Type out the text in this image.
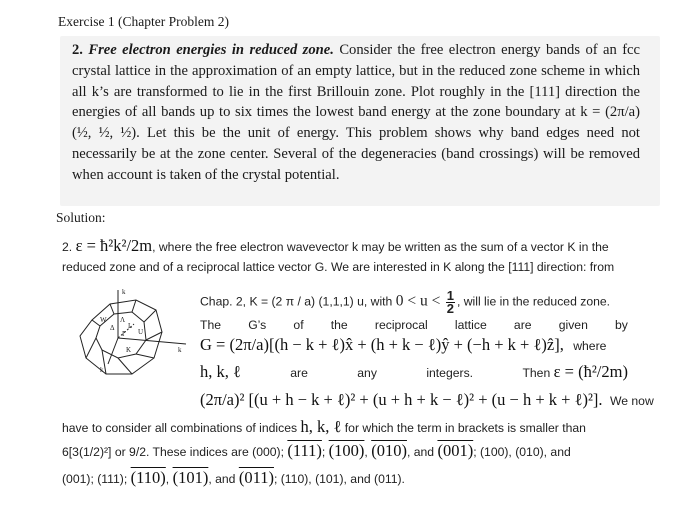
Exercise 1 (Chapter Problem 2)
2. Free electron energies in reduced zone. Consider the free electron energy bands of an fcc crystal lattice in the approximation of an empty lattice, but in the reduced zone scheme in which all k’s are transformed to lie in the first Brillouin zone. Plot roughly in the [111] direction the energies of all bands up to six times the lowest band energy at the zone boundary at k = (2π/a)(½, ½, ½). Let this be the unit of energy. This problem shows why band edges need not necessarily be at the zone center. Several of the degeneracies (band crossings) will be removed when account is taken of the crystal potential.
Solution:
2. ε = ħ²k²/2m, where the free electron wavevector k may be written as the sum of a vector K in the
reduced zone and of a reciprocal lattice vector G. We are interested in K along the [111] direction: from
W
L
U
K
Γ
Δ
Λ
k
k
k
Chap. 2, K = (2 π / a) (1,1,1) u, with $0 < u < \frac{1}{2}$ , will lie in the reduced zone.
The G’s of the reciprocal lattice are given by
G = (2π/a)[(h − k + ℓ)x̂ + (h + k − ℓ)ŷ + (−h + k + ℓ)ẑ], where
h, k, ℓ	are	any	integers.	Then ε = (ħ²/2m)
(2π/a)² [(u + h − k + ℓ)² + (u + h + k − ℓ)² + (u − h + k + ℓ)²]. We now
have to consider all combinations of indices h, k, ℓ for which the term in brackets is smaller than
6[3(1/2)²] or 9/2. These indices are (000); (111); (100), (010), and (001); (100), (010), and
(001); (111); (110), (101), and (011); (110), (101), and (011).
